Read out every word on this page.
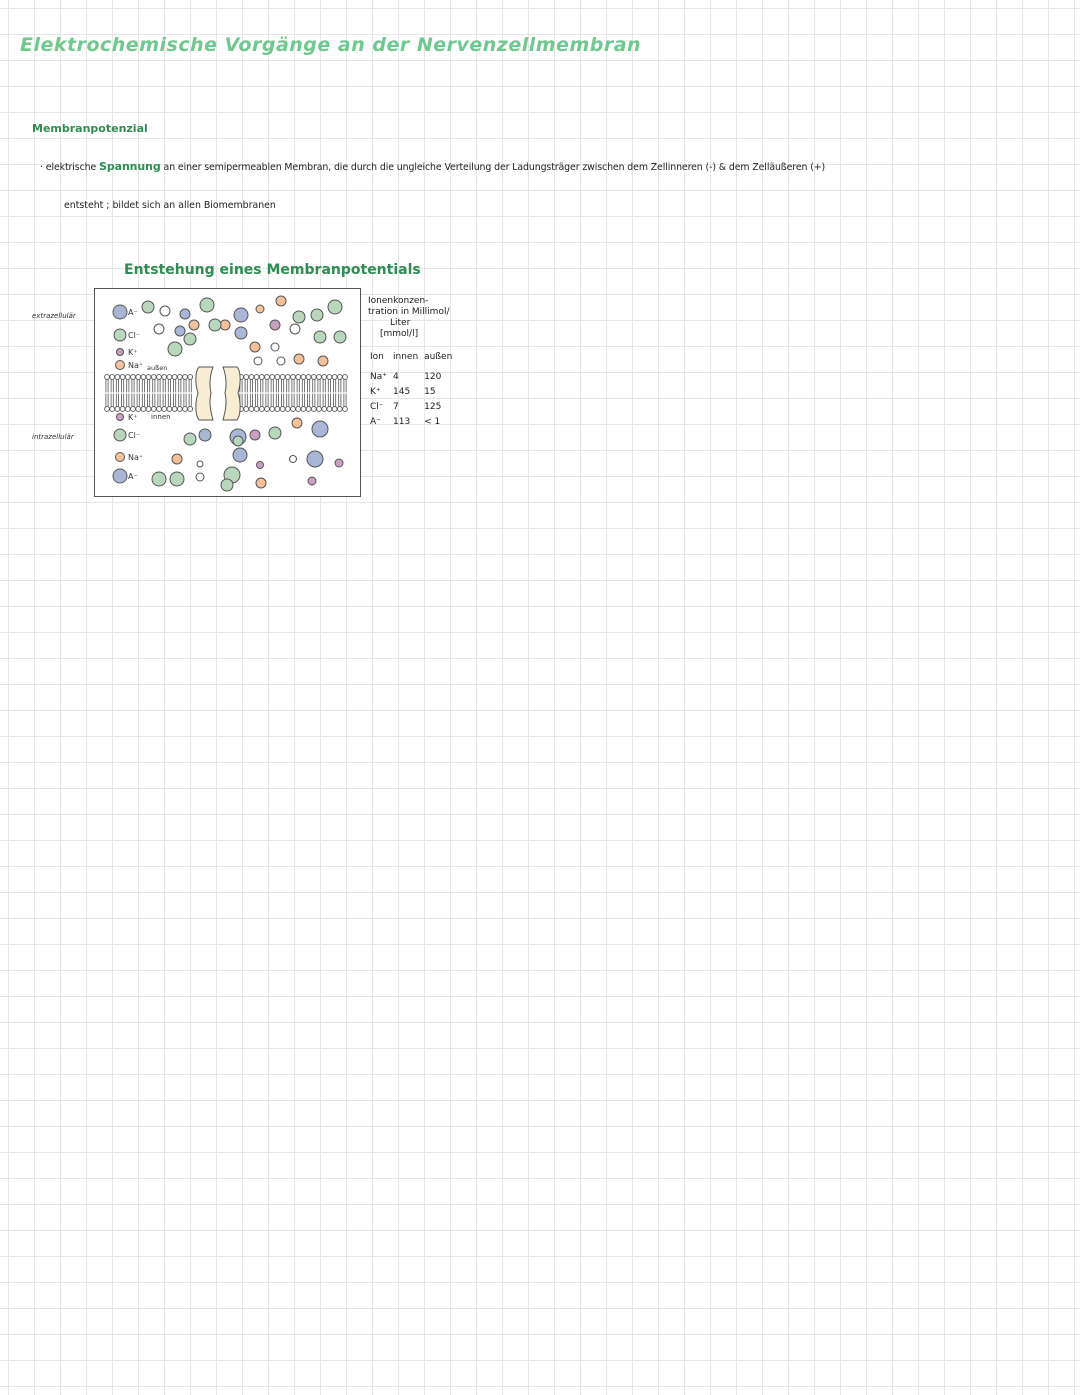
Elektrochemische Vorgänge an der Nervenzellmembran
Membranpotenzial
· elektrische Spannung an einer semipermeablen Membran, die durch die ungleiche Verteilung der Ladungsträger zwischen dem Zellinneren (-) & dem Zelläußeren (+)
entsteht ; bildet sich an allen Biomembranen
Entstehung eines Membranpotentials
extrazellulär
intrazellulär
A⁻
Cl⁻
K⁺
Na⁺ außen
K⁺ innen
Cl⁻
Na⁺
A⁻
Ionenkonzen-
tration in Millimol/
Liter
[mmol/l]
Ion	innen	außen
Na⁺	4	120
K⁺	145	15
Cl⁻	7	125
A⁻	113	< 1
